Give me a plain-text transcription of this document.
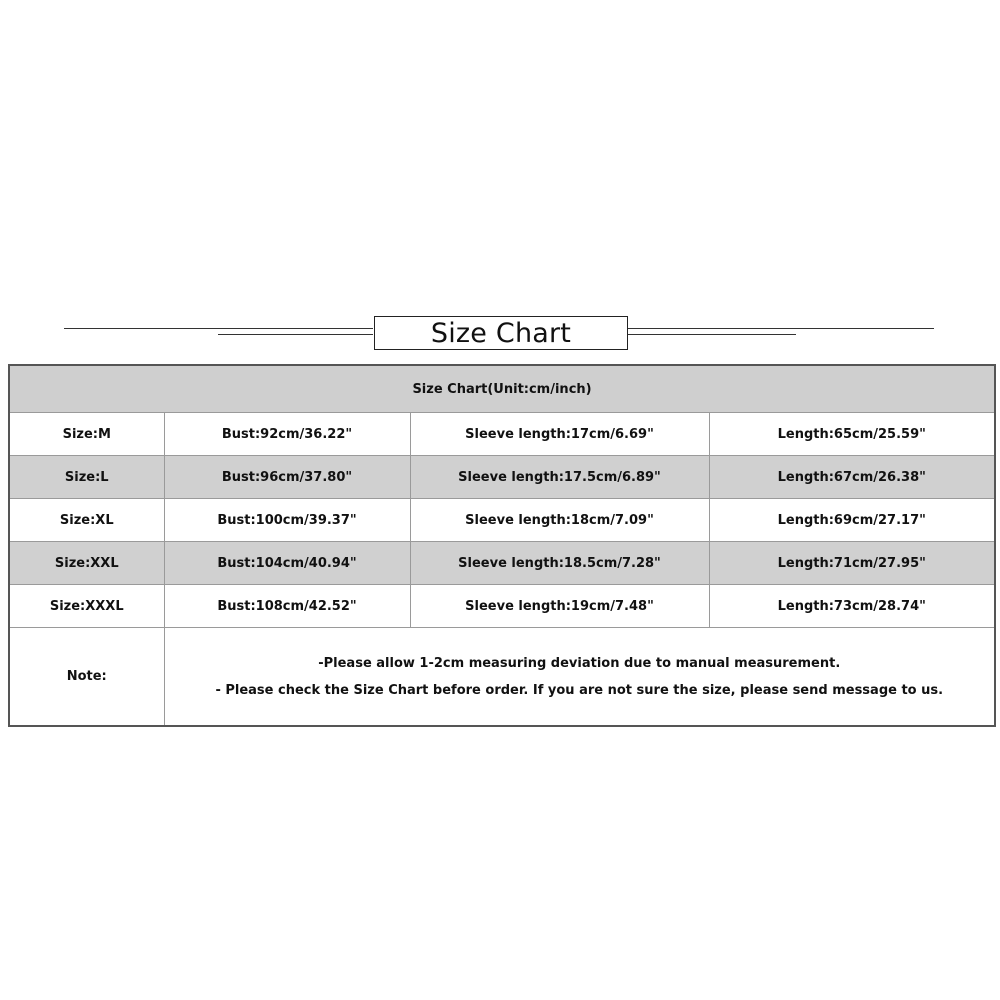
Size Chart
Size Chart(Unit:cm/inch)			
Size:M	Bust:92cm/36.22"	Sleeve length:17cm/6.69"	Length:65cm/25.59"
Size:L	Bust:96cm/37.80"	Sleeve length:17.5cm/6.89"	Length:67cm/26.38"
Size:XL	Bust:100cm/39.37"	Sleeve length:18cm/7.09"	Length:69cm/27.17"
Size:XXL	Bust:104cm/40.94"	Sleeve length:18.5cm/7.28"	Length:71cm/27.95"
Size:XXXL	Bust:108cm/42.52"	Sleeve length:19cm/7.48"	Length:73cm/28.74"
Note:	-Please allow 1-2cm measuring deviation due to manual measurement.
- Please check the Size Chart before order. If you are not sure the size, please send message to us.		
